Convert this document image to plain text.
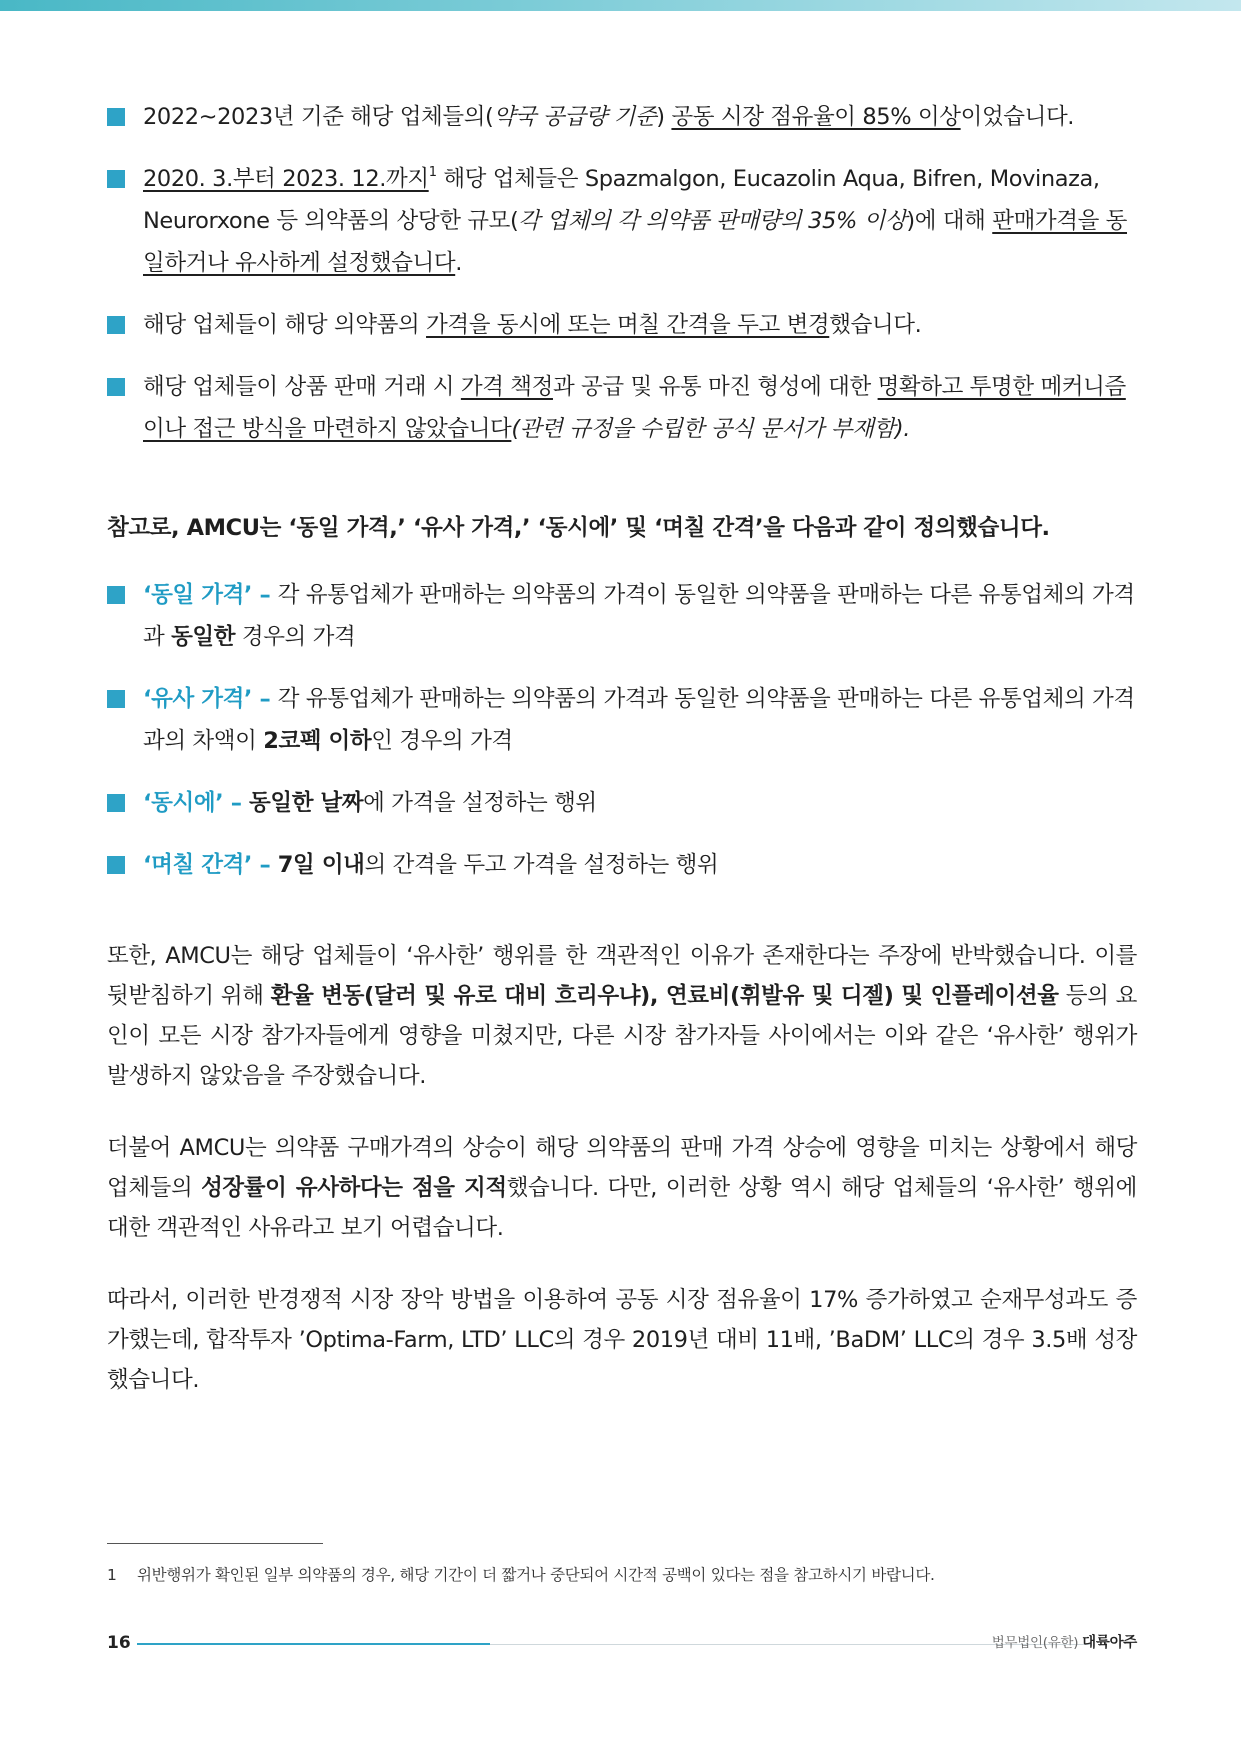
2022~2023년 기준 해당 업체들의(약국 공급량 기준) 공동 시장 점유율이 85% 이상이었습니다.
2020. 3.부터 2023. 12.까지$^1$ 해당 업체들은 Spazmalgon, Eucazolin Aqua, Bifren, Movinaza, Neurorxone 등 의약품의 상당한 규모(각 업체의 각 의약품 판매량의 35% 이상)에 대해 판매가격을 동일하거나 유사하게 설정했습니다.
해당 업체들이 해당 의약품의 가격을 동시에 또는 며칠 간격을 두고 변경했습니다.
해당 업체들이 상품 판매 거래 시 가격 책정과 공급 및 유통 마진 형성에 대한 명확하고 투명한 메커니즘이나 접근 방식을 마련하지 않았습니다(관련 규정을 수립한 공식 문서가 부재함).
참고로, AMCU는 ‘동일 가격,’ ‘유사 가격,’ ‘동시에’ 및 ‘며칠 간격’을 다음과 같이 정의했습니다.
‘동일 가격’ – 각 유통업체가 판매하는 의약품의 가격이 동일한 의약품을 판매하는 다른 유통업체의 가격과 동일한 경우의 가격
‘유사 가격’ – 각 유통업체가 판매하는 의약품의 가격과 동일한 의약품을 판매하는 다른 유통업체의 가격과의 차액이 2코펙 이하인 경우의 가격
‘동시에’ – 동일한 날짜에 가격을 설정하는 행위
‘며칠 간격’ – 7일 이내의 간격을 두고 가격을 설정하는 행위

또한, AMCU는 해당 업체들이 ‘유사한’ 행위를 한 객관적인 이유가 존재한다는 주장에 반박했습니다. 이를 뒷받침하기 위해 환율 변동(달러 및 유로 대비 흐리우냐), 연료비(휘발유 및 디젤) 및 인플레이션율 등의 요인이 모든 시장 참가자들에게 영향을 미쳤지만, 다른 시장 참가자들 사이에서는 이와 같은 ‘유사한’ 행위가 발생하지 않았음을 주장했습니다.

더불어 AMCU는 의약품 구매가격의 상승이 해당 의약품의 판매 가격 상승에 영향을 미치는 상황에서 해당 업체들의 성장률이 유사하다는 점을 지적했습니다. 다만, 이러한 상황 역시 해당 업체들의 ‘유사한’ 행위에 대한 객관적인 사유라고 보기 어렵습니다.

따라서, 이러한 반경쟁적 시장 장악 방법을 이용하여 공동 시장 점유율이 17% 증가하였고 순재무성과도 증가했는데, 합작투자 ’Optima-Farm, LTD’ LLC의 경우 2019년 대비 11배, ’BaDM’ LLC의 경우 3.5배 성장했습니다.

1 위반행위가 확인된 일부 의약품의 경우, 해당 기간이 더 짧거나 중단되어 시간적 공백이 있다는 점을 참고하시기 바랍니다.
16	법무법인(유한) 대륙아주
